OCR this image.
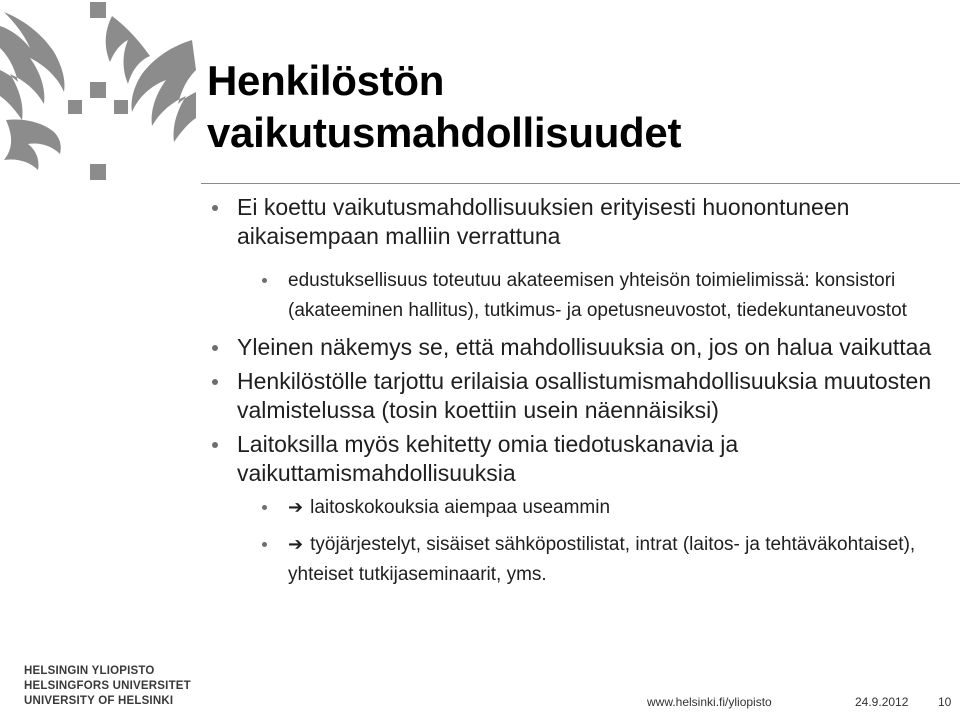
Henkilöstön
vaikutusmahdollisuudet
Ei koettu vaikutusmahdollisuuksien erityisesti huonontuneen aikaisempaan malliin verrattuna
edustuksellisuus toteutuu akateemisen yhteisön toimielimissä: konsistori (akateeminen hallitus), tutkimus- ja opetusneuvostot, tiedekuntaneuvostot
Yleinen näkemys se, että mahdollisuuksia on, jos on halua vaikuttaa
Henkilöstölle tarjottu erilaisia osallistumismahdollisuuksia muutosten valmistelussa (tosin koettiin usein näennäisiksi)
Laitoksilla myös kehitetty omia tiedotuskanavia ja vaikuttamismahdollisuuksia
➔ laitoskokouksia aiempaa useammin
➔ työjärjestelyt, sisäiset sähköpostilistat, intrat (laitos- ja tehtäväkohtaiset), yhteiset tutkijaseminaarit, yms.
HELSINGIN YLIOPISTO
HELSINGFORS UNIVERSITET
UNIVERSITY OF HELSINKI	www.helsinki.fi/yliopisto	24.9.2012 10
